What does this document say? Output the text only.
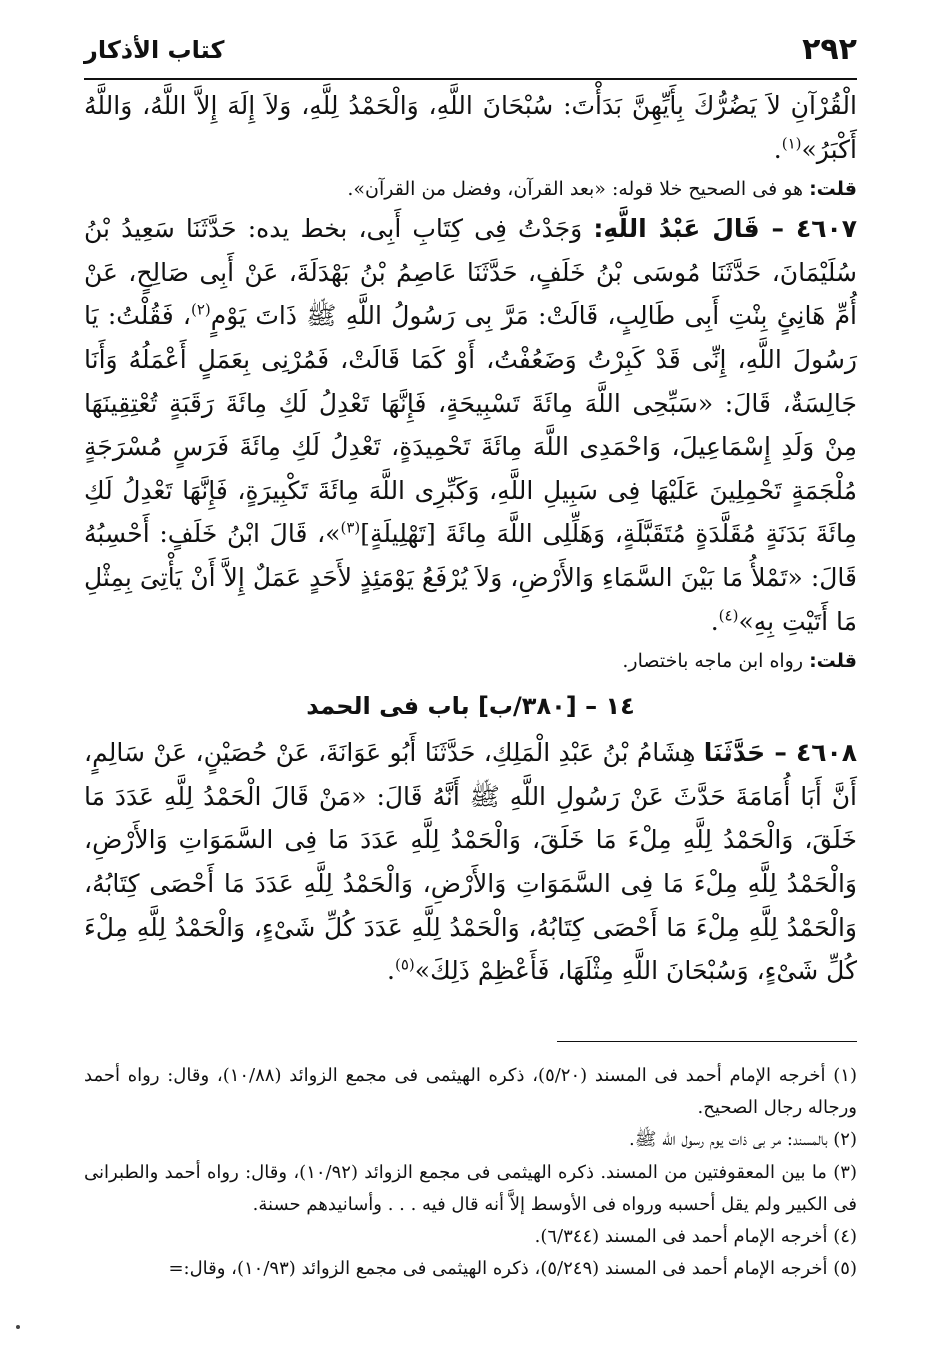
٢٩٢
كتاب الأذكار

الْقُرْآنِ لاَ يَضُرُّكَ بِأَيِّهِنَّ بَدَأْتَ: سُبْحَانَ اللَّهِ، وَالْحَمْدُ لِلَّهِ، وَلاَ إِلَهَ إِلاَّ اللَّهُ، وَاللَّهُ أَكْبَرُ»$^{(١)}$.

قلت: هو فى الصحيح خلا قوله: «بعد القرآن، وفضل من القرآن».

٤٦٠٧ – قَالَ عَبْدُ اللَّهِ: وَجَدْتُ فِى كِتَابِ أَبِى، بخط يده: حَدَّثَنَا سَعِيدُ بْنُ سُلَيْمَانَ، حَدَّثَنَا مُوسَى بْنُ خَلَفٍ، حَدَّثَنَا عَاصِمُ بْنُ بَهْدَلَةَ، عَنْ أَبِى صَالِحٍ، عَنْ أُمِّ هَانِئٍ بِنْتِ أَبِى طَالِبٍ، قَالَتْ: مَرَّ بِى رَسُولُ اللَّهِ ﷺ ذَاتَ يَوْمٍ$^{(٢)}$، فَقُلْتُ: يَا رَسُولَ اللَّهِ، إِنِّى قَدْ كَبِرْتُ وَضَعُفْتُ، أَوْ كَمَا قَالَتْ، فَمُرْنِى بِعَمَلٍ أَعْمَلُهُ وَأَنَا جَالِسَةٌ، قَالَ: «سَبِّحِى اللَّهَ مِائَةَ تَسْبِيحَةٍ، فَإِنَّهَا تَعْدِلُ لَكِ مِائَةَ رَقَبَةٍ تُعْتِقِينَهَا مِنْ وَلَدِ إِسْمَاعِيلَ، وَاحْمَدِى اللَّهَ مِائَةَ تَحْمِيدَةٍ، تَعْدِلُ لَكِ مِائَةَ فَرَسٍ مُسْرَجَةٍ مُلْجَمَةٍ تَحْمِلِينَ عَلَيْهَا فِى سَبِيلِ اللَّهِ، وَكَبِّرِى اللَّهَ مِائَةَ تَكْبِيرَةٍ، فَإِنَّهَا تَعْدِلُ لَكِ مِائَةَ بَدَنَةٍ مُقَلَّدَةٍ مُتَقَبَّلَةٍ، وَهَلِّلِى اللَّهَ مِائَةَ [تَهْلِيلَةٍ]$^{(٣)}$»، قَالَ ابْنُ خَلَفٍ: أَحْسِبُهُ قَالَ: «تَمْلأُ مَا بَيْنَ السَّمَاءِ وَالأَرْضِ، وَلاَ يُرْفَعُ يَوْمَئِذٍ لأَحَدٍ عَمَلٌ إِلاَّ أَنْ يَأْتِىَ بِمِثْلِ مَا أَتَيْتِ بِهِ»$^{(٤)}$.

قلت: رواه ابن ماجه باختصار.

١٤ – [٣٨٠/ب] باب فى الحمد

٤٦٠٨ – حَدَّثَنَا هِشَامُ بْنُ عَبْدِ الْمَلِكِ، حَدَّثَنَا أَبُو عَوَانَةَ، عَنْ حُصَيْنٍ، عَنْ سَالِمٍ، أَنَّ أَبَا أُمَامَةَ حَدَّثَ عَنْ رَسُولِ اللَّهِ ﷺ أَنَّهُ قَالَ: «مَنْ قَالَ الْحَمْدُ لِلَّهِ عَدَدَ مَا خَلَقَ، وَالْحَمْدُ لِلَّهِ مِلْءَ مَا خَلَقَ، وَالْحَمْدُ لِلَّهِ عَدَدَ مَا فِى السَّمَوَاتِ وَالأَرْضِ، وَالْحَمْدُ لِلَّهِ مِلْءَ مَا فِى السَّمَوَاتِ وَالأَرْضِ، وَالْحَمْدُ لِلَّهِ عَدَدَ مَا أَحْصَى كِتَابُهُ، وَالْحَمْدُ لِلَّهِ مِلْءَ مَا أَحْصَى كِتَابُهُ، وَالْحَمْدُ لِلَّهِ عَدَدَ كُلِّ شَىْءٍ، وَالْحَمْدُ لِلَّهِ مِلْءَ كُلِّ شَىْءٍ، وَسُبْحَانَ اللَّهِ مِثْلَهَا، فَأَعْظِمْ ذَلِكَ»$^{(٥)}$.

(١) أخرجه الإمام أحمد فى المسند (٥/٢٠)، ذكره الهيثمى فى مجمع الزوائد (١٠/٨٨)، وقال: رواه أحمد ورجاله رجال الصحيح.

(٢) بالمسند: مر بى ذات يوم رسول الله ﷺ.

(٣) ما بين المعقوفتين من المسند. ذكره الهيثمى فى مجمع الزوائد (١٠/٩٢)، وقال: رواه أحمد والطبرانى فى الكبير ولم يقل أحسبه ورواه فى الأوسط إلاَّ أنه قال فيه . . . وأسانيدهم حسنة.

(٤) أخرجه الإمام أحمد فى المسند (٦/٣٤٤).

(٥) أخرجه الإمام أحمد فى المسند (٥/٢٤٩)، ذكره الهيثمى فى مجمع الزوائد (١٠/٩٣)، وقال:=
